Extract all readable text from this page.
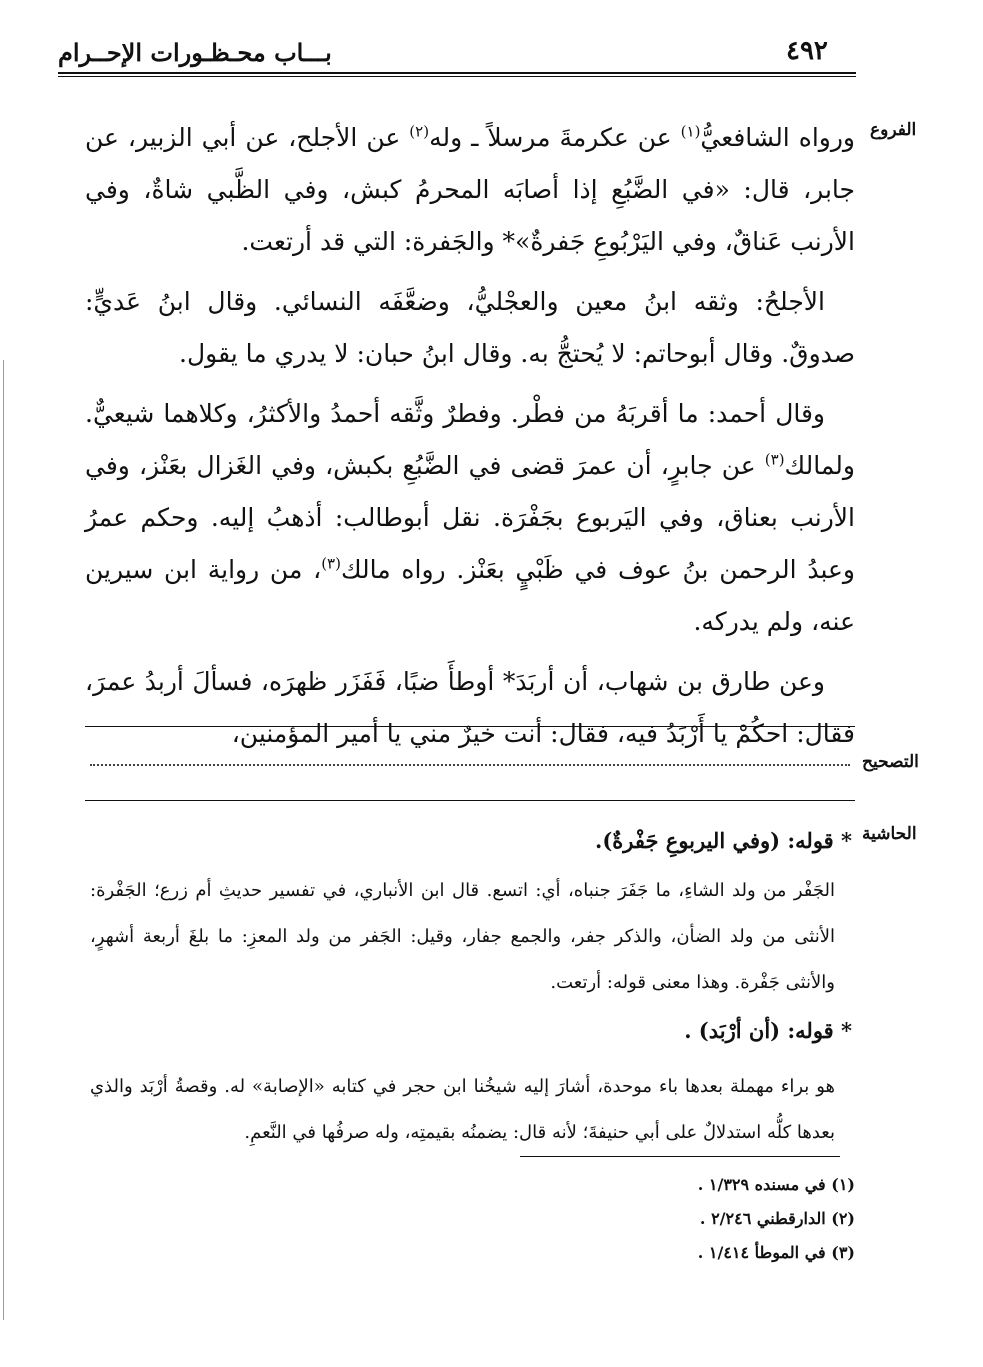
بـــاب محـظـورات الإحــرام	٤٩٢
الفروع
التصحيح
الحاشية

ورواه الشافعيُّ$^{(١)}$ عن عكرمةَ مرسلاً ـ وله$^{(٢)}$ عن الأجلح، عن أبي الزبير، عن جابر، قال: «في الضَّبُعِ إذا أصابَه المحرمُ كبش، وفي الظَّبي شاةٌ، وفي الأرنب عَناقٌ، وفي اليَرْبُوعِ جَفرةٌ»* والجَفرة: التي قد أرتعت.

الأجلحُ: وثقه ابنُ معين والعجْليُّ، وضعَّفَه النسائي. وقال ابنُ عَديٍّ: صدوقٌ. وقال أبوحاتم: لا يُحتجُّ به. وقال ابنُ حبان: لا يدري ما يقول.

وقال أحمد: ما أقربَهُ من فطْر. وفطرٌ وثَّقه أحمدُ والأكثرُ، وكلاهما شيعيٌّ. ولمالك$^{(٣)}$ عن جابرٍ، أن عمرَ قضى في الضَّبُعِ بكبش، وفي الغَزال بعَنْز، وفي الأرنب بعناق، وفي اليَربوع بجَفْرَة. نقل أبوطالب: أذهبُ إليه. وحكم عمرُ وعبدُ الرحمن بنُ عوف في ظَبْيٍ بعَنْز. رواه مالك$^{(٣)}$، من رواية ابن سيرين عنه، ولم يدركه.

وعن طارق بن شهاب، أن أربَدَ* أوطأَ ضبًا، فَفَزَر ظهرَه، فسألَ أربدُ عمرَ، فقال: احكُمْ يا أَرْبَدُ فيه، فقال: أنت خيرٌ مني يا أمير المؤمنين،

* قوله: (وفي اليربوعِ جَفْرةٌ).

الجَفْر من ولد الشاءِ، ما جَفَرَ جنباه، أي: اتسع. قال ابن الأنباري، في تفسير حديثِ أم زرع؛ الجَفْرة: الأنثى من ولد الضأن، والذكر جفر، والجمع جفار، وقيل: الجَفر من ولد المعزِ: ما بلغَ أربعة أشهرٍ، والأنثى جَفْرة. وهذا معنى قوله: أرتعت.

* قوله: (أن أرْبَد) .

هو براء مهملة بعدها باء موحدة، أشارَ إليه شيخُنا ابن حجر في كتابه «الإصابة» له. وقصةُ أرْبَد والذي بعدها كلُّه استدلالٌ على أبي حنيفةَ؛ لأنه قال: يضمنُه بقيمتِه، وله صرفُها في النَّعمِ.

(١) في مسنده ١/٣٢٩ .
(٢) الدارقطني ٢/٢٤٦ .
(٣) في الموطأ ١/٤١٤ .
